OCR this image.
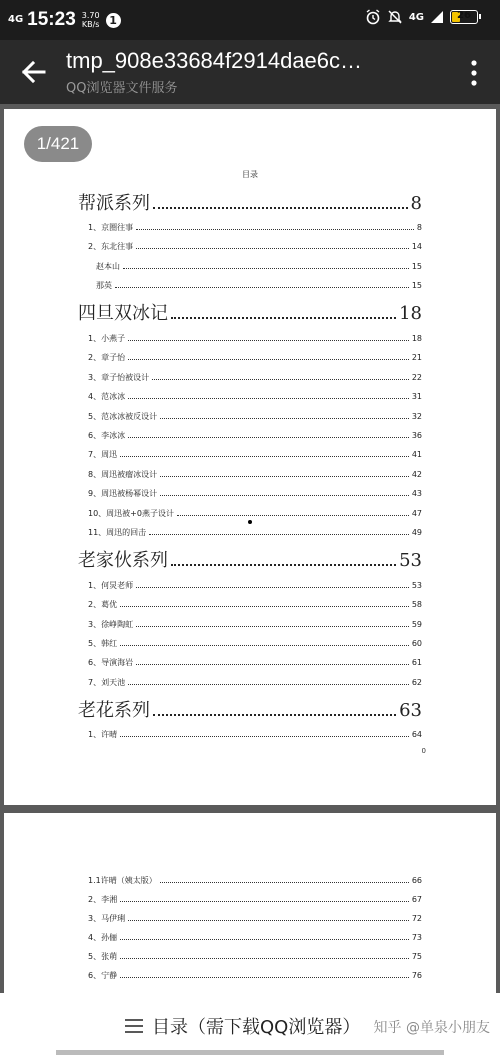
4G 15:23 3.70
KB/s 1	4G	26
tmp_908e33684f2914dae6c…
QQ浏览器文件服务
1/421
目录
帮派系列	8
1、京圈往事	8
2、东北往事	14
赵本山	15
那英	15
四旦双冰记	18
1、小燕子	18
2、章子怡	21
3、章子怡被设计	22
4、范冰冰	31
5、范冰冰被反设计	32
6、李冰冰	36
7、周迅	41
8、周迅被瘤冰设计	42
9、周迅被杨幂设计	43
10、周迅被+0燕子设计	47
11、周迅的回击	49
老家伙系列	53
1、何炅老师	53
2、葛优	58
3、徐峥陶虹	59
5、韩红	60
6、导演海岩	61
7、刘天池	62
老花系列	63
1、许晴	64
0
1.1许晴（姨太版）	66
2、李湘	67
3、马伊琍	72
4、孙俪	73
5、张萌	75
6、宁静	76
目录（需下载QQ浏览器） 知乎 @单泉小朋友
